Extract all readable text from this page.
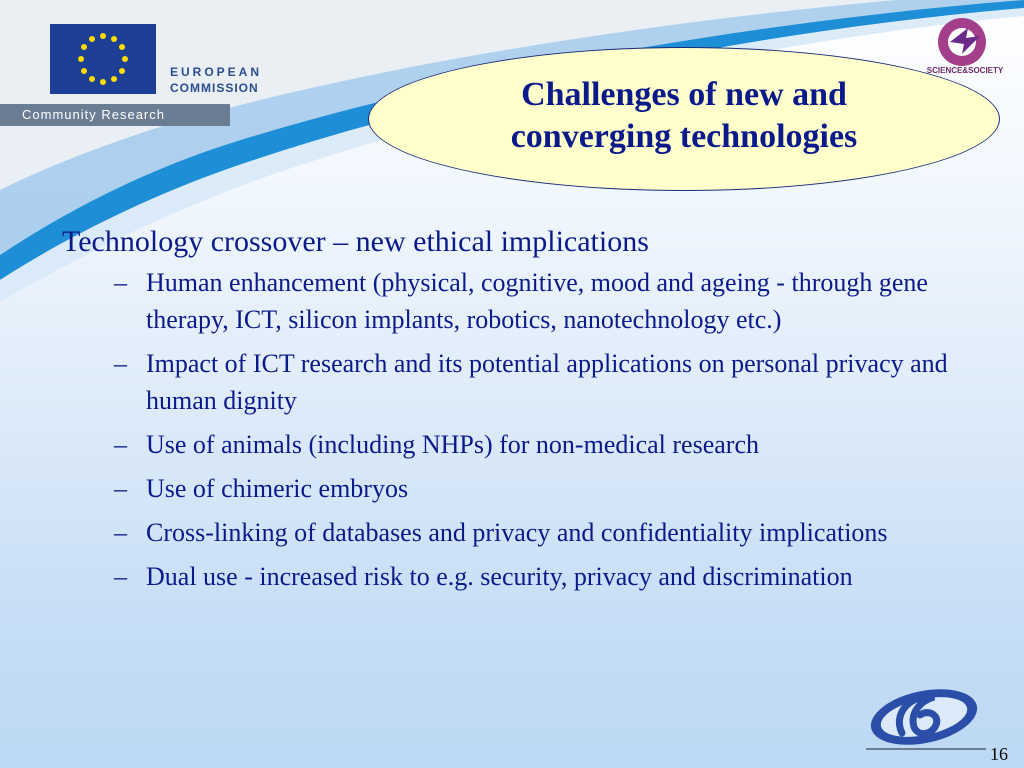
EUROPEAN
COMMISSION
Community Research
SCIENCE&SOCIETY
Challenges of new and
converging technologies

Technology crossover – new ethical implications

– Human enhancement (physical, cognitive, mood and ageing - through gene therapy, ICT, silicon implants, robotics, nanotechnology etc.)
– Impact of ICT research and its potential applications on personal privacy and human dignity
– Use of animals (including NHPs) for non-medical research
– Use of chimeric embryos
– Cross-linking of databases and privacy and confidentiality implications
– Dual use - increased risk to e.g. security, privacy and discrimination
16
